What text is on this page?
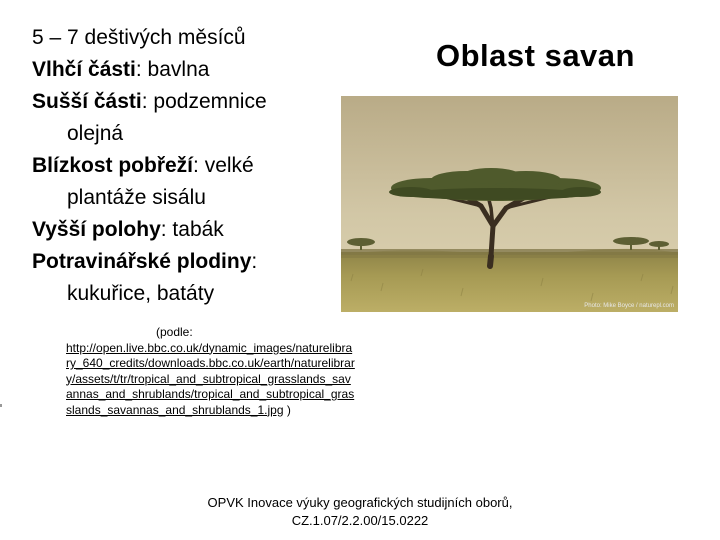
5 – 7 deštivých měsíců
Vlhčí části: bavlna
Sušší části: podzemnice
olejná
Blízkost pobřeží: velké
plantáže sisálu
Vyšší polohy: tabák
Potravinářské plodiny:
kukuřice, batáty
Oblast savan
Photo: Mike Boyce / naturepl.com
(podle:
http://open.live.bbc.co.uk/dynamic_images/naturelibrary_640_credits/downloads.bbc.co.uk/earth/naturelibrary/assets/t/tr/tropical_and_subtropical_grasslands_savannas_and_shrublands/tropical_and_subtropical_grasslands_savannas_and_shrublands_1.jpg )
OPVK Inovace výuky geografických studijních oborů,
CZ.1.07/2.2.00/15.0222
